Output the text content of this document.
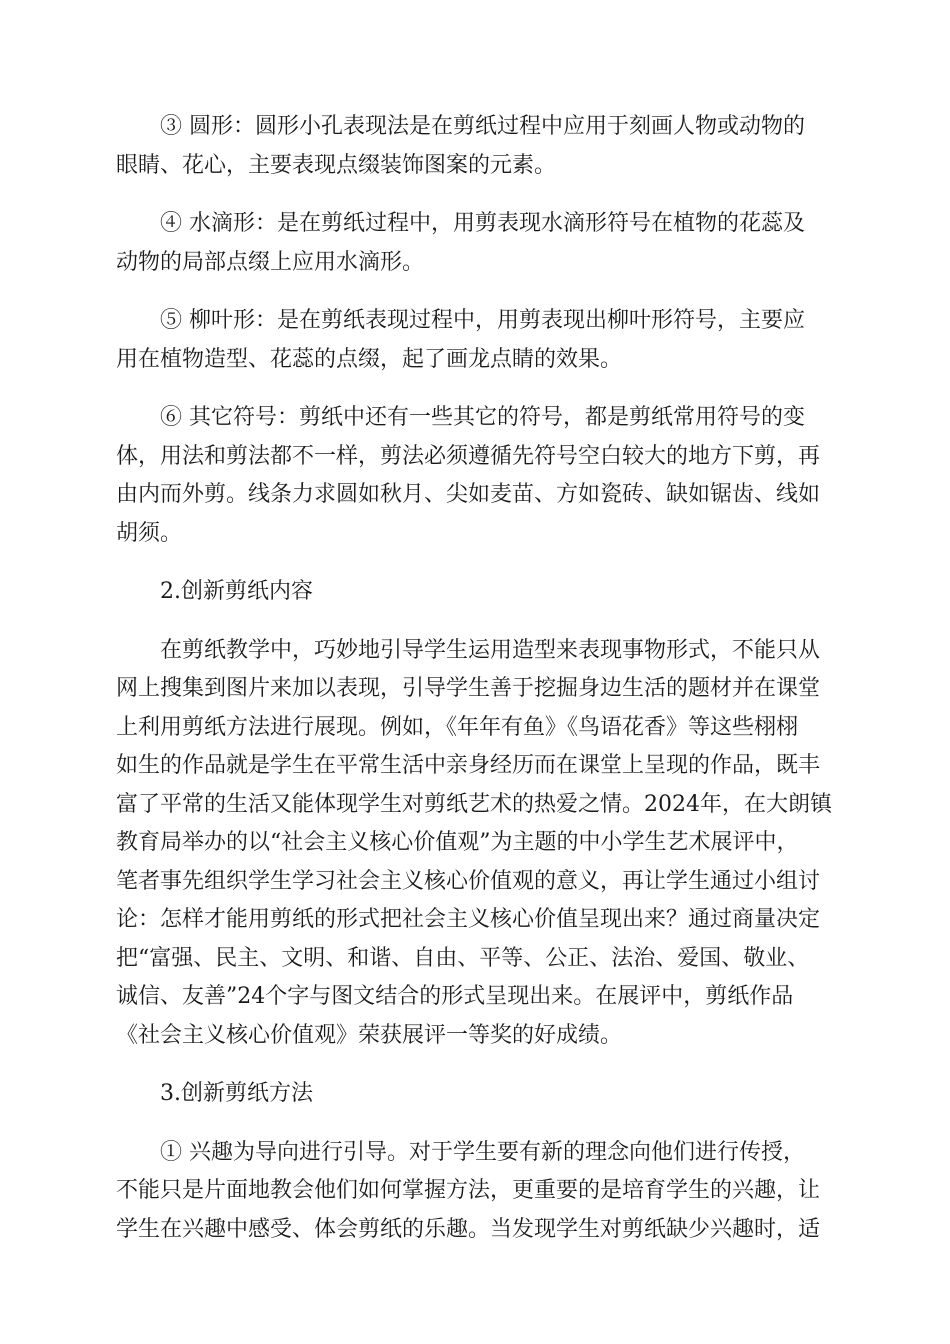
③ 圆形：圆形小孔表现法是在剪纸过程中应用于刻画人物或动物的
眼睛、花心，主要表现点缀装饰图案的元素。

④ 水滴形：是在剪纸过程中，用剪表现水滴形符号在植物的花蕊及
动物的局部点缀上应用水滴形。

⑤ 柳叶形：是在剪纸表现过程中，用剪表现出柳叶形符号，主要应
用在植物造型、花蕊的点缀，起了画龙点睛的效果。

⑥ 其它符号：剪纸中还有一些其它的符号，都是剪纸常用符号的变
体，用法和剪法都不一样，剪法必须遵循先符号空白较大的地方下剪，再
由内而外剪。线条力求圆如秋月、尖如麦苗、方如瓷砖、缺如锯齿、线如
胡须。

2.创新剪纸内容

在剪纸教学中，巧妙地引导学生运用造型来表现事物形式，不能只从
网上搜集到图片来加以表现，引导学生善于挖掘身边生活的题材并在课堂
上利用剪纸方法进行展现。例如，《年年有鱼》《鸟语花香》等这些栩栩
如生的作品就是学生在平常生活中亲身经历而在课堂上呈现的作品，既丰
富了平常的生活又能体现学生对剪纸艺术的热爱之情。2024年，在大朗镇
教育局举办的以“社会主义核心价值观”为主题的中小学生艺术展评中，
笔者事先组织学生学习社会主义核心价值观的意义，再让学生通过小组讨
论：怎样才能用剪纸的形式把社会主义核心价值呈现出来？通过商量决定
把“富强、民主、文明、和谐、自由、平等、公正、法治、爱国、敬业、
诚信、友善”24个字与图文结合的形式呈现出来。在展评中，剪纸作品
《社会主义核心价值观》荣获展评一等奖的好成绩。

3.创新剪纸方法

① 兴趣为导向进行引导。对于学生要有新的理念向他们进行传授，
不能只是片面地教会他们如何掌握方法，更重要的是培育学生的兴趣，让
学生在兴趣中感受、体会剪纸的乐趣。当发现学生对剪纸缺少兴趣时，适
